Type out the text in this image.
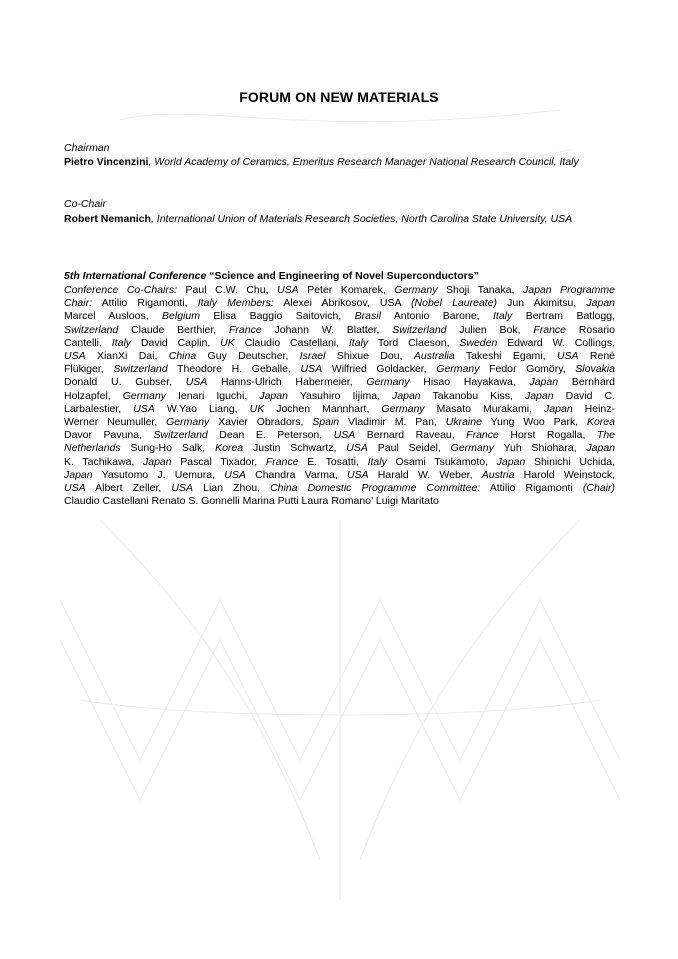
FORUM ON NEW MATERIALS
Chairman
Pietro Vincenzini, World Academy of Ceramics, Emeritus Research Manager National Research Council, Italy
Co-Chair
Robert Nemanich, International Union of Materials Research Societies, North Carolina State University, USA
5th International Conference “Science and Engineering of Novel Superconductors”
Conference Co-Chairs: Paul C.W. Chu, USA Peter Komarek, Germany Shoji Tanaka, Japan Programme
Chair: Attilio Rigamonti, Italy Members: Alexei Abrikosov, USA (Nobel Laureate) Jun Akimitsu, Japan
Marcel Ausloos, Belgium Elisa Baggio Saitovich, Brasil Antonio Barone, Italy Bertram Batlogg,
Switzerland Claude Berthier, France Johann W. Blatter, Switzerland Julien Bok, France Rosario
Cantelli, Italy David Caplin, UK Claudio Castellani, Italy Tord Claeson, Sweden Edward W. Collings,
USA XianXi Dai, China Guy Deutscher, Israel Shixue Dou, Australia Takeshi Egami, USA René
Flükiger, Switzerland Theodore H. Geballe, USA Wilfried Goldacker, Germany Fedor Gomöry, Slovakia
Donald U. Gubser, USA Hanns-Ulrich Habermeier, Germany Hisao Hayakawa, Japan Bernhard
Holzapfel, Germany Ienari Iguchi, Japan Yasuhiro Iijima, Japan Takanobu Kiss, Japan David C.
Larbalestier, USA W.Yao Liang, UK Jochen Mannhart, Germany Masato Murakami, Japan Heinz-
Werner Neumuller, Germany Xavier Obradors, Spain Vladimir M. Pan, Ukraine Yung Woo Park, Korea
Davor Pavuna, Switzerland Dean E. Peterson, USA Bernard Raveau, France Horst Rogalla, The
Netherlands Sung-Ho Salk, Korea Justin Schwartz, USA Paul Seidel, Germany Yuh Shiohara, Japan
K. Tachikawa, Japan Pascal Tixador, France E. Tosatti, Italy Osami Tsukamoto, Japan Shinichi Uchida,
Japan Yasutomo J. Uemura, USA Chandra Varma, USA Harald W. Weber, Austria Harold Weinstock,
USA Albert Zeller, USA Lian Zhou, China Domestic Programme Committee: Attilio Rigamonti (Chair)
Claudio Castellani Renato S. Gonnelli Marina Putti Laura Romano’ Luigi Maritato
